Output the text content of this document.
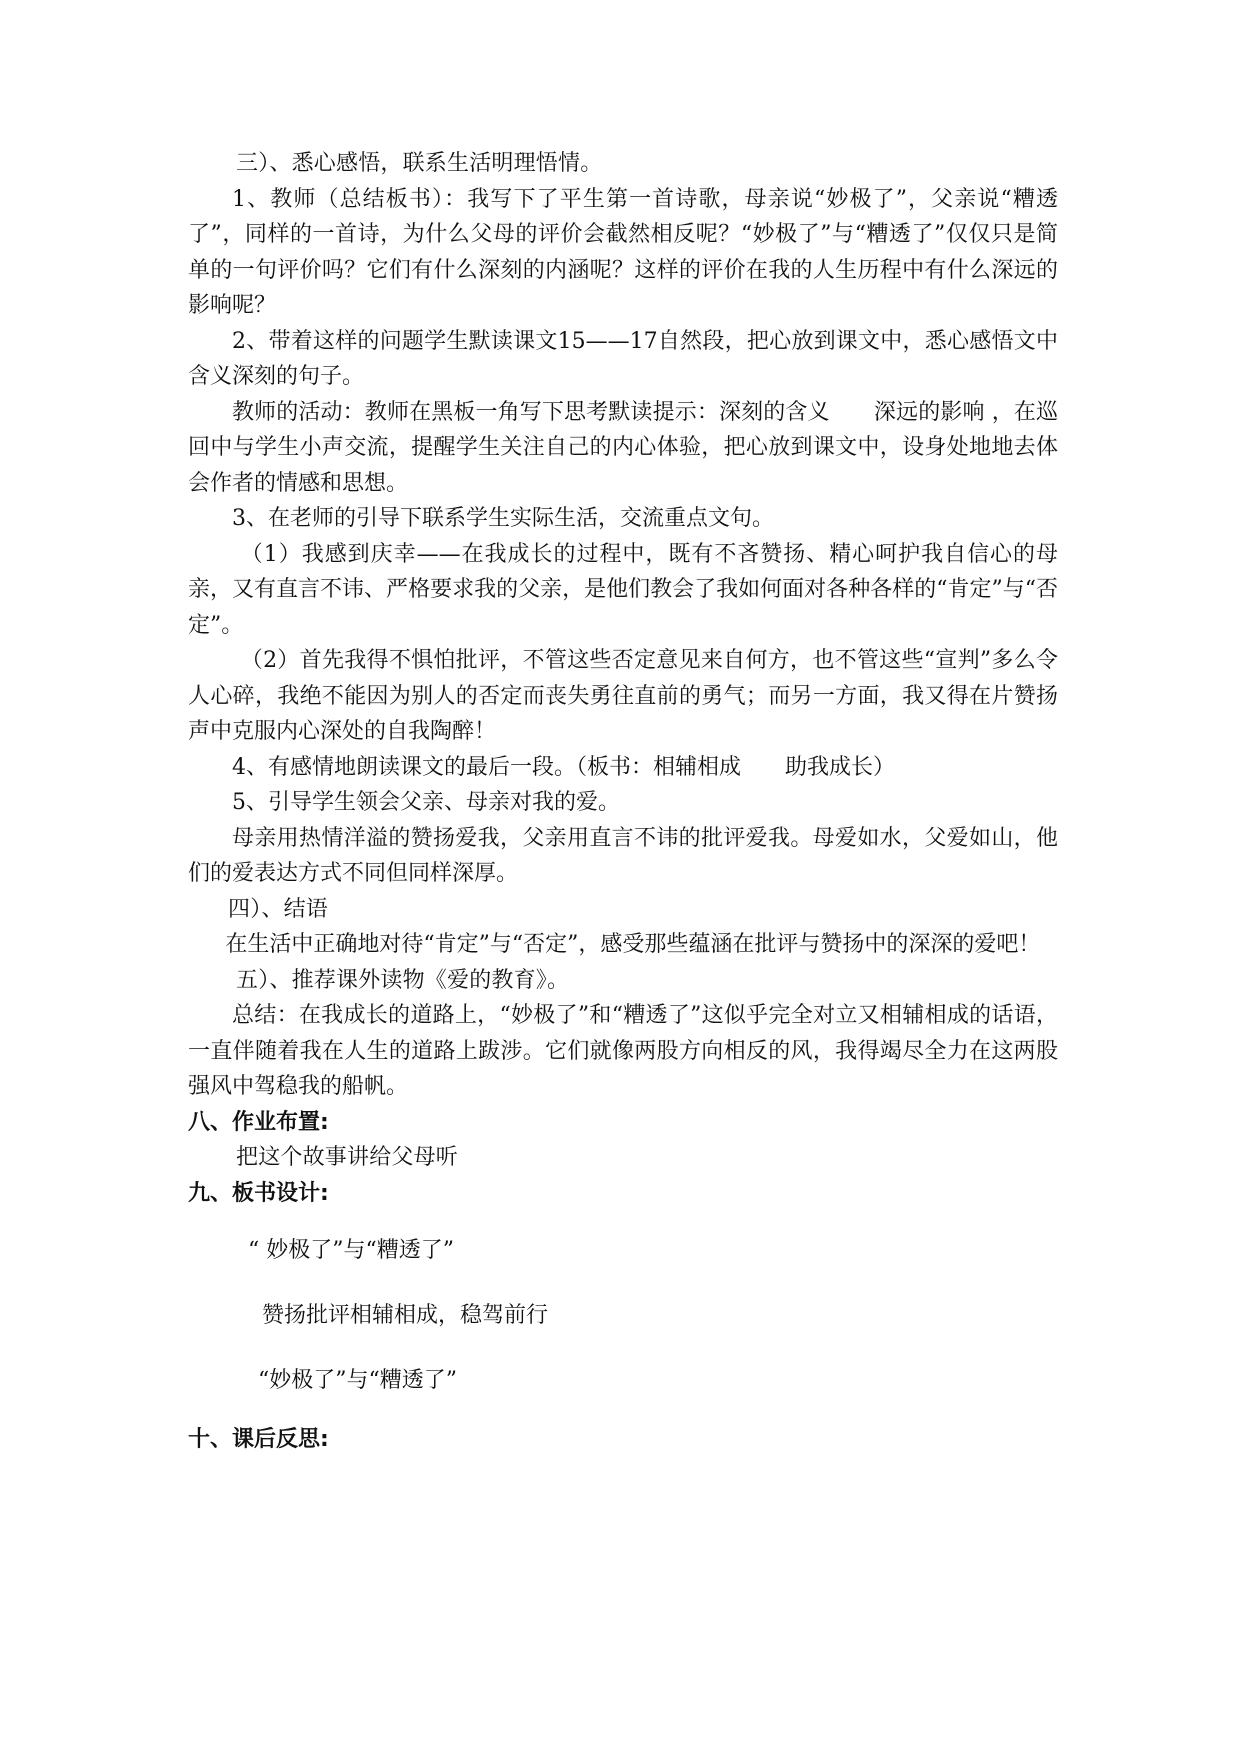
三）、悉心感悟，联系生活明理悟情。

1、教师（总结板书）：我写下了平生第一首诗歌，母亲说“妙极了”，父亲说“糟透了”，同样的一首诗，为什么父母的评价会截然相反呢？“妙极了”与“糟透了”仅仅只是简单的一句评价吗？它们有什么深刻的内涵呢？这样的评价在我的人生历程中有什么深远的影响呢？

2、带着这样的问题学生默读课文15——17自然段，把心放到课文中，悉心感悟文中含义深刻的句子。

教师的活动：教师在黑板一角写下思考默读提示：深刻的含义　　深远的影响 ，在巡回中与学生小声交流，提醒学生关注自己的内心体验，把心放到课文中，设身处地地去体会作者的情感和思想。

3、在老师的引导下联系学生实际生活，交流重点文句。

（1）我感到庆幸——在我成长的过程中，既有不吝赞扬、精心呵护我自信心的母亲，又有直言不讳、严格要求我的父亲，是他们教会了我如何面对各种各样的“肯定”与“否定”。

（2）首先我得不惧怕批评，不管这些否定意见来自何方，也不管这些“宣判”多么令人心碎，我绝不能因为别人的否定而丧失勇往直前的勇气；而另一方面，我又得在片赞扬声中克服内心深处的自我陶醉！

4、有感情地朗读课文的最后一段。（板书：相辅相成　　助我成长）

5、引导学生领会父亲、母亲对我的爱。

母亲用热情洋溢的赞扬爱我，父亲用直言不讳的批评爱我。母爱如水，父爱如山，他们的爱表达方式不同但同样深厚。

四）、结语

在生活中正确地对待“肯定”与“否定”，感受那些蕴涵在批评与赞扬中的深深的爱吧！

五）、推荐课外读物《爱的教育》。

总结：在我成长的道路上，“妙极了”和“糟透了”这似乎完全对立又相辅相成的话语，一直伴随着我在人生的道路上跋涉。它们就像两股方向相反的风，我得竭尽全力在这两股强风中驾稳我的船帆。

八、作业布置:

把这个故事讲给父母听

九、板书设计:

“ 妙极了”与“糟透了”

赞扬批评相辅相成，稳驾前行

“妙极了”与“糟透了”

十、课后反思:
